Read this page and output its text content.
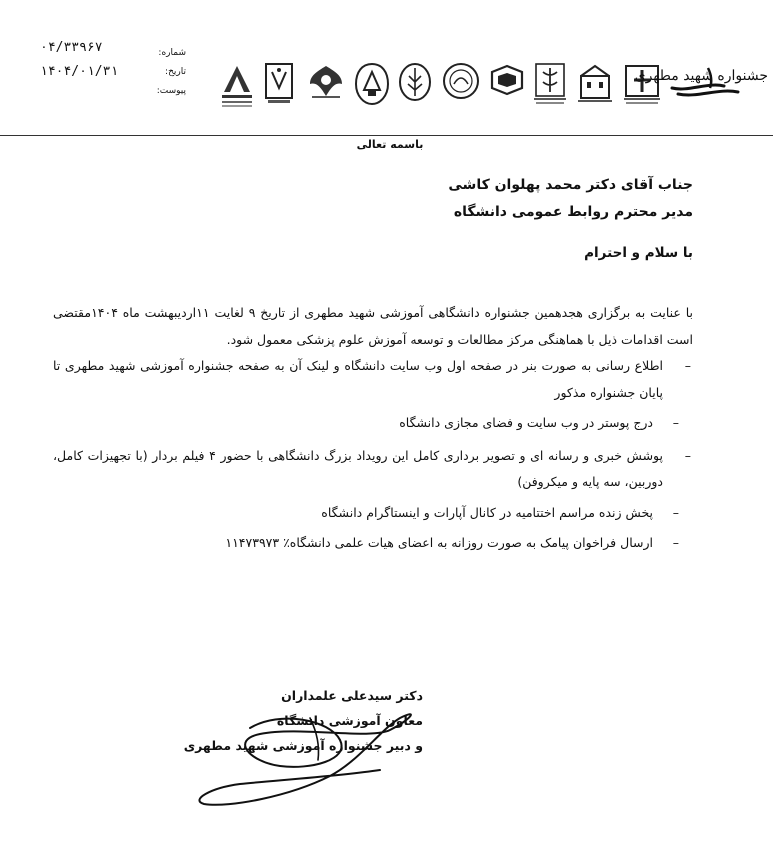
۰۴/۳۳۹۶۷
۱۴۰۴/۰۱/۳۱
شماره:
تاریخ:
پیوست:
جشنواره شهید مطهری
باسمه تعالی
جناب آقای دکتر محمد پهلوان کاشی
مدیر محترم روابط عمومی دانشگاه
با سلام و احترام
با عنایت به برگزاری هجدهمین جشنواره دانشگاهی آموزشی شهید مطهری از تاریخ ۹ لغایت ۱۱اردیبهشت ماه ۱۴۰۴مقتضی است اقدامات ذیل با هماهنگی مرکز مطالعات و توسعه آموزش علوم پزشکی معمول شود.
–
اطلاع رسانی به صورت بنر در صفحه اول وب سایت دانشگاه و لینک آن به صفحه جشنواره آموزشی شهید مطهری تا پایان جشنواره مذکور
–
درج پوستر در وب سایت و فضای مجازی دانشگاه
–
پوشش خبری و رسانه ای و تصویر برداری کامل این رویداد بزرگ دانشگاهی با حضور ۴ فیلم بردار (با تجهیزات کامل، دوربین، سه پایه و میکروفن)
–
پخش زنده مراسم اختتامیه در کانال آپارات و اینستاگرام دانشگاه
–
ارسال فراخوان پیامک به صورت روزانه به اعضای هیات علمی دانشگاه٪ ۱۱۴۷۳۹۷۳
دکتر سیدعلی علمداران
معاون آموزشی دانشگاه
و دبیر جشنواره آموزشی شهید مطهری
